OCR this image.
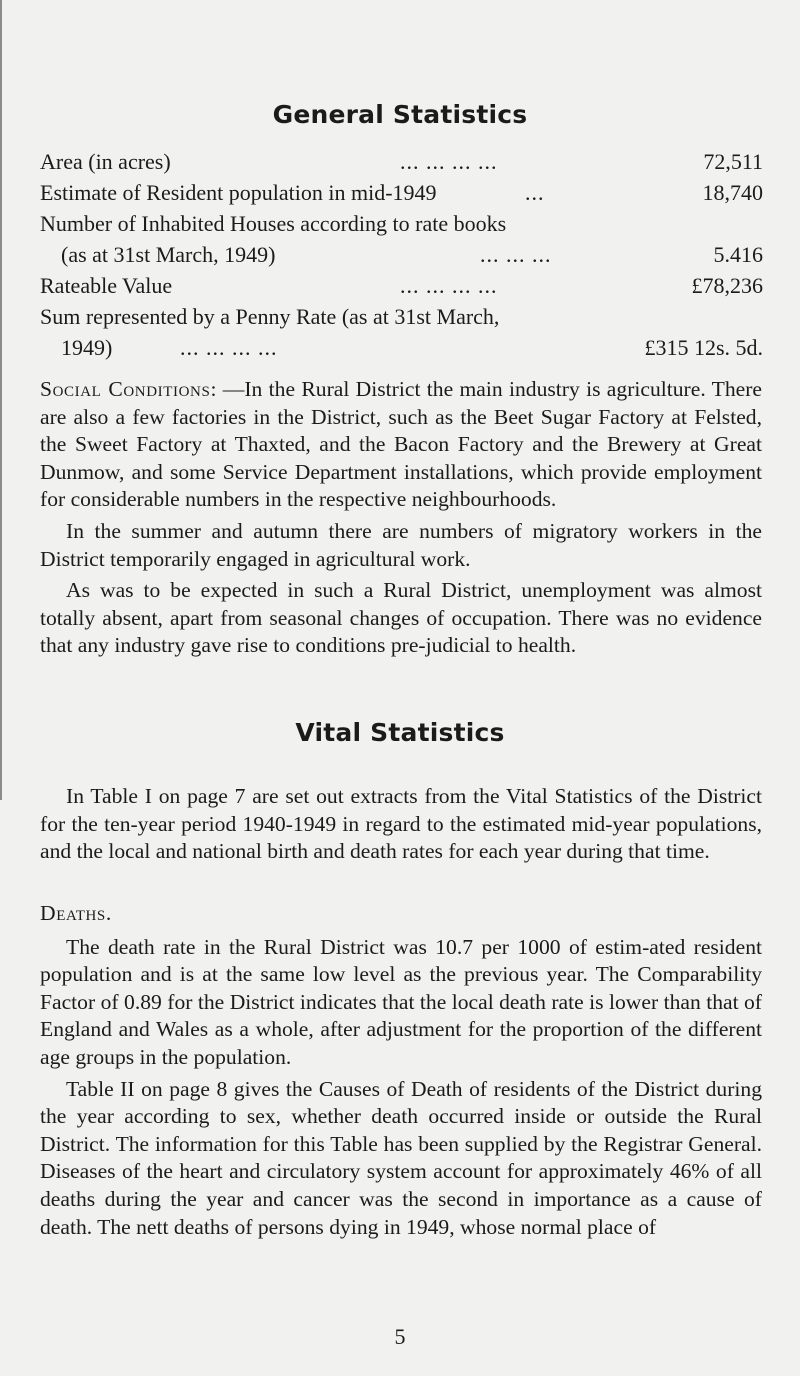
General Statistics
Area (in acres)	... ... ... ...	72,511
Estimate of Resident population in mid-1949	...	18,740
Number of Inhabited Houses according to rate books
(as at 31st March, 1949)	... ... ...	5.416
Rateable Value	... ... ... ...	£78,236
Sum represented by a Penny Rate (as at 31st March,
1949)	... ... ... ...	£315 12s. 5d.

Social Conditions: —In the Rural District the main industry is agriculture. There are also a few factories in the District, such as the Beet Sugar Factory at Felsted, the Sweet Factory at Thaxted, and the Bacon Factory and the Brewery at Great Dunmow, and some Service Department installations, which provide employment for considerable numbers in the respective neighbourhoods.

In the summer and autumn there are numbers of migratory workers in the District temporarily engaged in agricultural work.

As was to be expected in such a Rural District, unemployment was almost totally absent, apart from seasonal changes of occupation. There was no evidence that any industry gave rise to conditions pre-judicial to health.

Vital Statistics

In Table I on page 7 are set out extracts from the Vital Statistics of the District for the ten-year period 1940-1949 in regard to the estimated mid-year populations, and the local and national birth and death rates for each year during that time.

Deaths.

The death rate in the Rural District was 10.7 per 1000 of estim-ated resident population and is at the same low level as the previous year. The Comparability Factor of 0.89 for the District indicates that the local death rate is lower than that of England and Wales as a whole, after adjustment for the proportion of the different age groups in the population.

Table II on page 8 gives the Causes of Death of residents of the District during the year according to sex, whether death occurred inside or outside the Rural District. The information for this Table has been supplied by the Registrar General. Diseases of the heart and circulatory system account for approximately 46% of all deaths during the year and cancer was the second in importance as a cause of death. The nett deaths of persons dying in 1949, whose normal place of

5
